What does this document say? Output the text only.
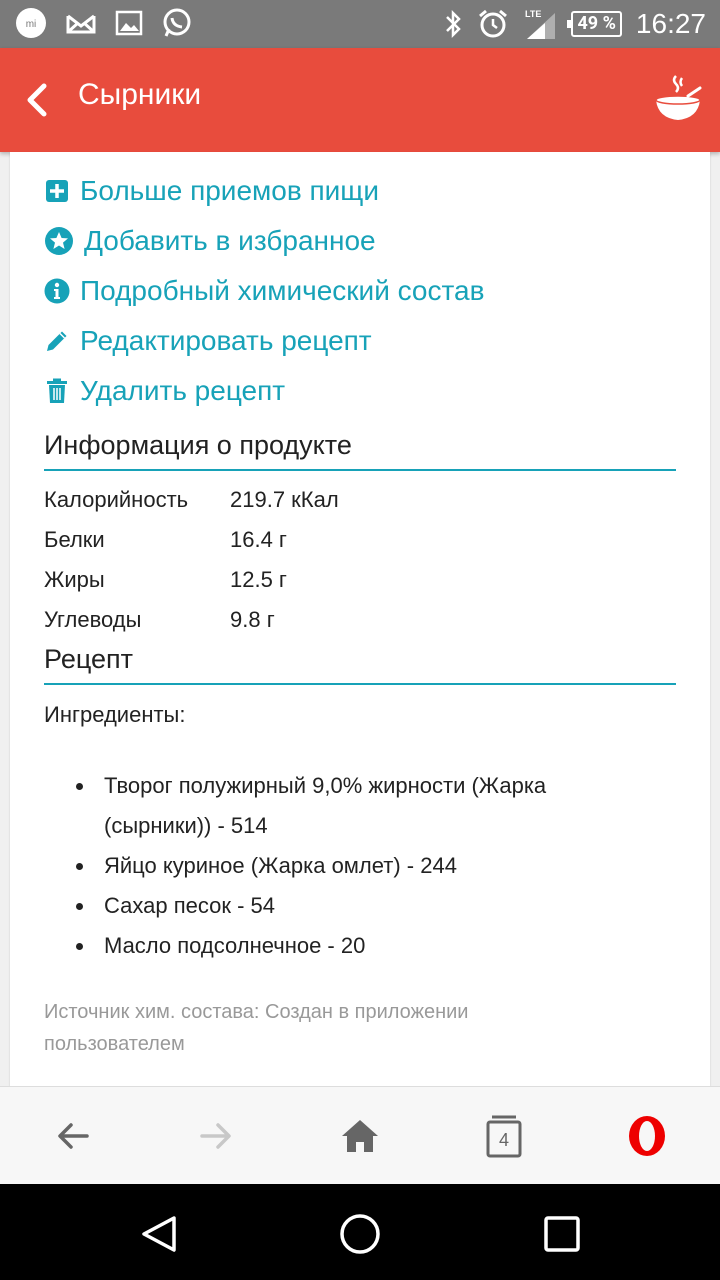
mi
LTE	49 % 16:27
Сырники
Больше приемов пищи
Добавить в избранное
Подробный химический состав
Редактировать рецепт
Удалить рецепт
Информация о продукте
Калорийность	219.7 кКал
Белки	16.4 г
Жиры	12.5 г
Углеводы	9.8 г
Рецепт
Ингредиенты:
Творог полужирный 9,0% жирности (Жарка (сырники)) - 514
Яйцо куриное (Жарка омлет) - 244
Сахар песок - 54
Масло подсолнечное - 20
Источник хим. состава: Создан в приложении пользователем
4
